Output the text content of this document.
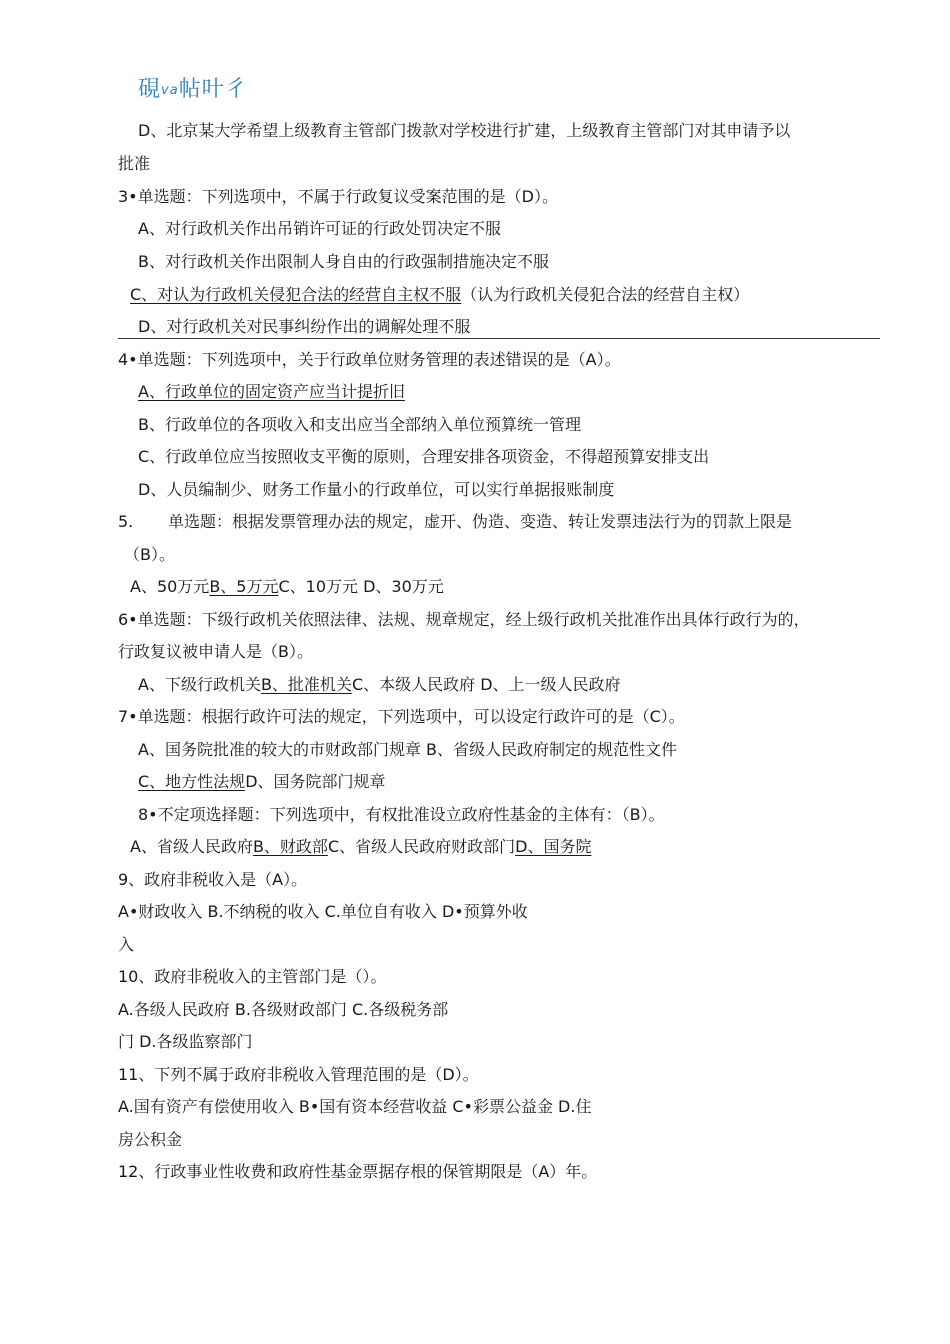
硯va帖叶彳
D、北京某大学希望上级教育主管部门拨款对学校进行扩建，上级教育主管部门对其申请予以
批准
3•单选题：下列选项中，不属于行政复议受案范围的是（D）。
A、对行政机关作出吊销许可证的行政处罚决定不服
B、对行政机关作出限制人身自由的行政强制措施决定不服
C、对认为行政机关侵犯合法的经营自主权不服（认为行政机关侵犯合法的经营自主权）
D、对行政机关对民事纠纷作出的调解处理不服
4•单选题：下列选项中，关于行政单位财务管理的表述错误的是（A）。
A、行政单位的固定资产应当计提折旧
B、行政单位的各项收入和支出应当全部纳入单位预算统一管理
C、行政单位应当按照收支平衡的原则，合理安排各项资金，不得超预算安排支出
D、人员编制少、财务工作量小的行政单位，可以实行单据报账制度
5. 单选题：根据发票管理办法的规定，虚开、伪造、变造、转让发票违法行为的罚款上限是
（B）。
A、50万元B、5万元C、10万元 D、30万元
6•单选题：下级行政机关依照法律、法规、规章规定，经上级行政机关批准作出具体行政行为的，
行政复议被申请人是（B）。
A、下级行政机关B、批准机关C、本级人民政府 D、上一级人民政府
7•单选题：根据行政许可法的规定，下列选项中，可以设定行政许可的是（C）。
A、国务院批准的较大的市财政部门规章 B、省级人民政府制定的规范性文件
C、地方性法规D、国务院部门规章
8•不定项选择题：下列选项中，有权批准设立政府性基金的主体有：（B）。
A、省级人民政府B、财政部C、省级人民政府财政部门D、国务院
9、政府非税收入是（A）。
A•财政收入 B.不纳税的收入 C.单位自有收入 D•预算外收
入
10、政府非税收入的主管部门是（）。
A.各级人民政府 B.各级财政部门 C.各级税务部
门 D.各级监察部门
11、下列不属于政府非税收入管理范围的是（D）。
A.国有资产有偿使用收入 B•国有资本经营收益 C•彩票公益金 D.住
房公积金
12、行政事业性收费和政府性基金票据存根的保管期限是（A）年。
